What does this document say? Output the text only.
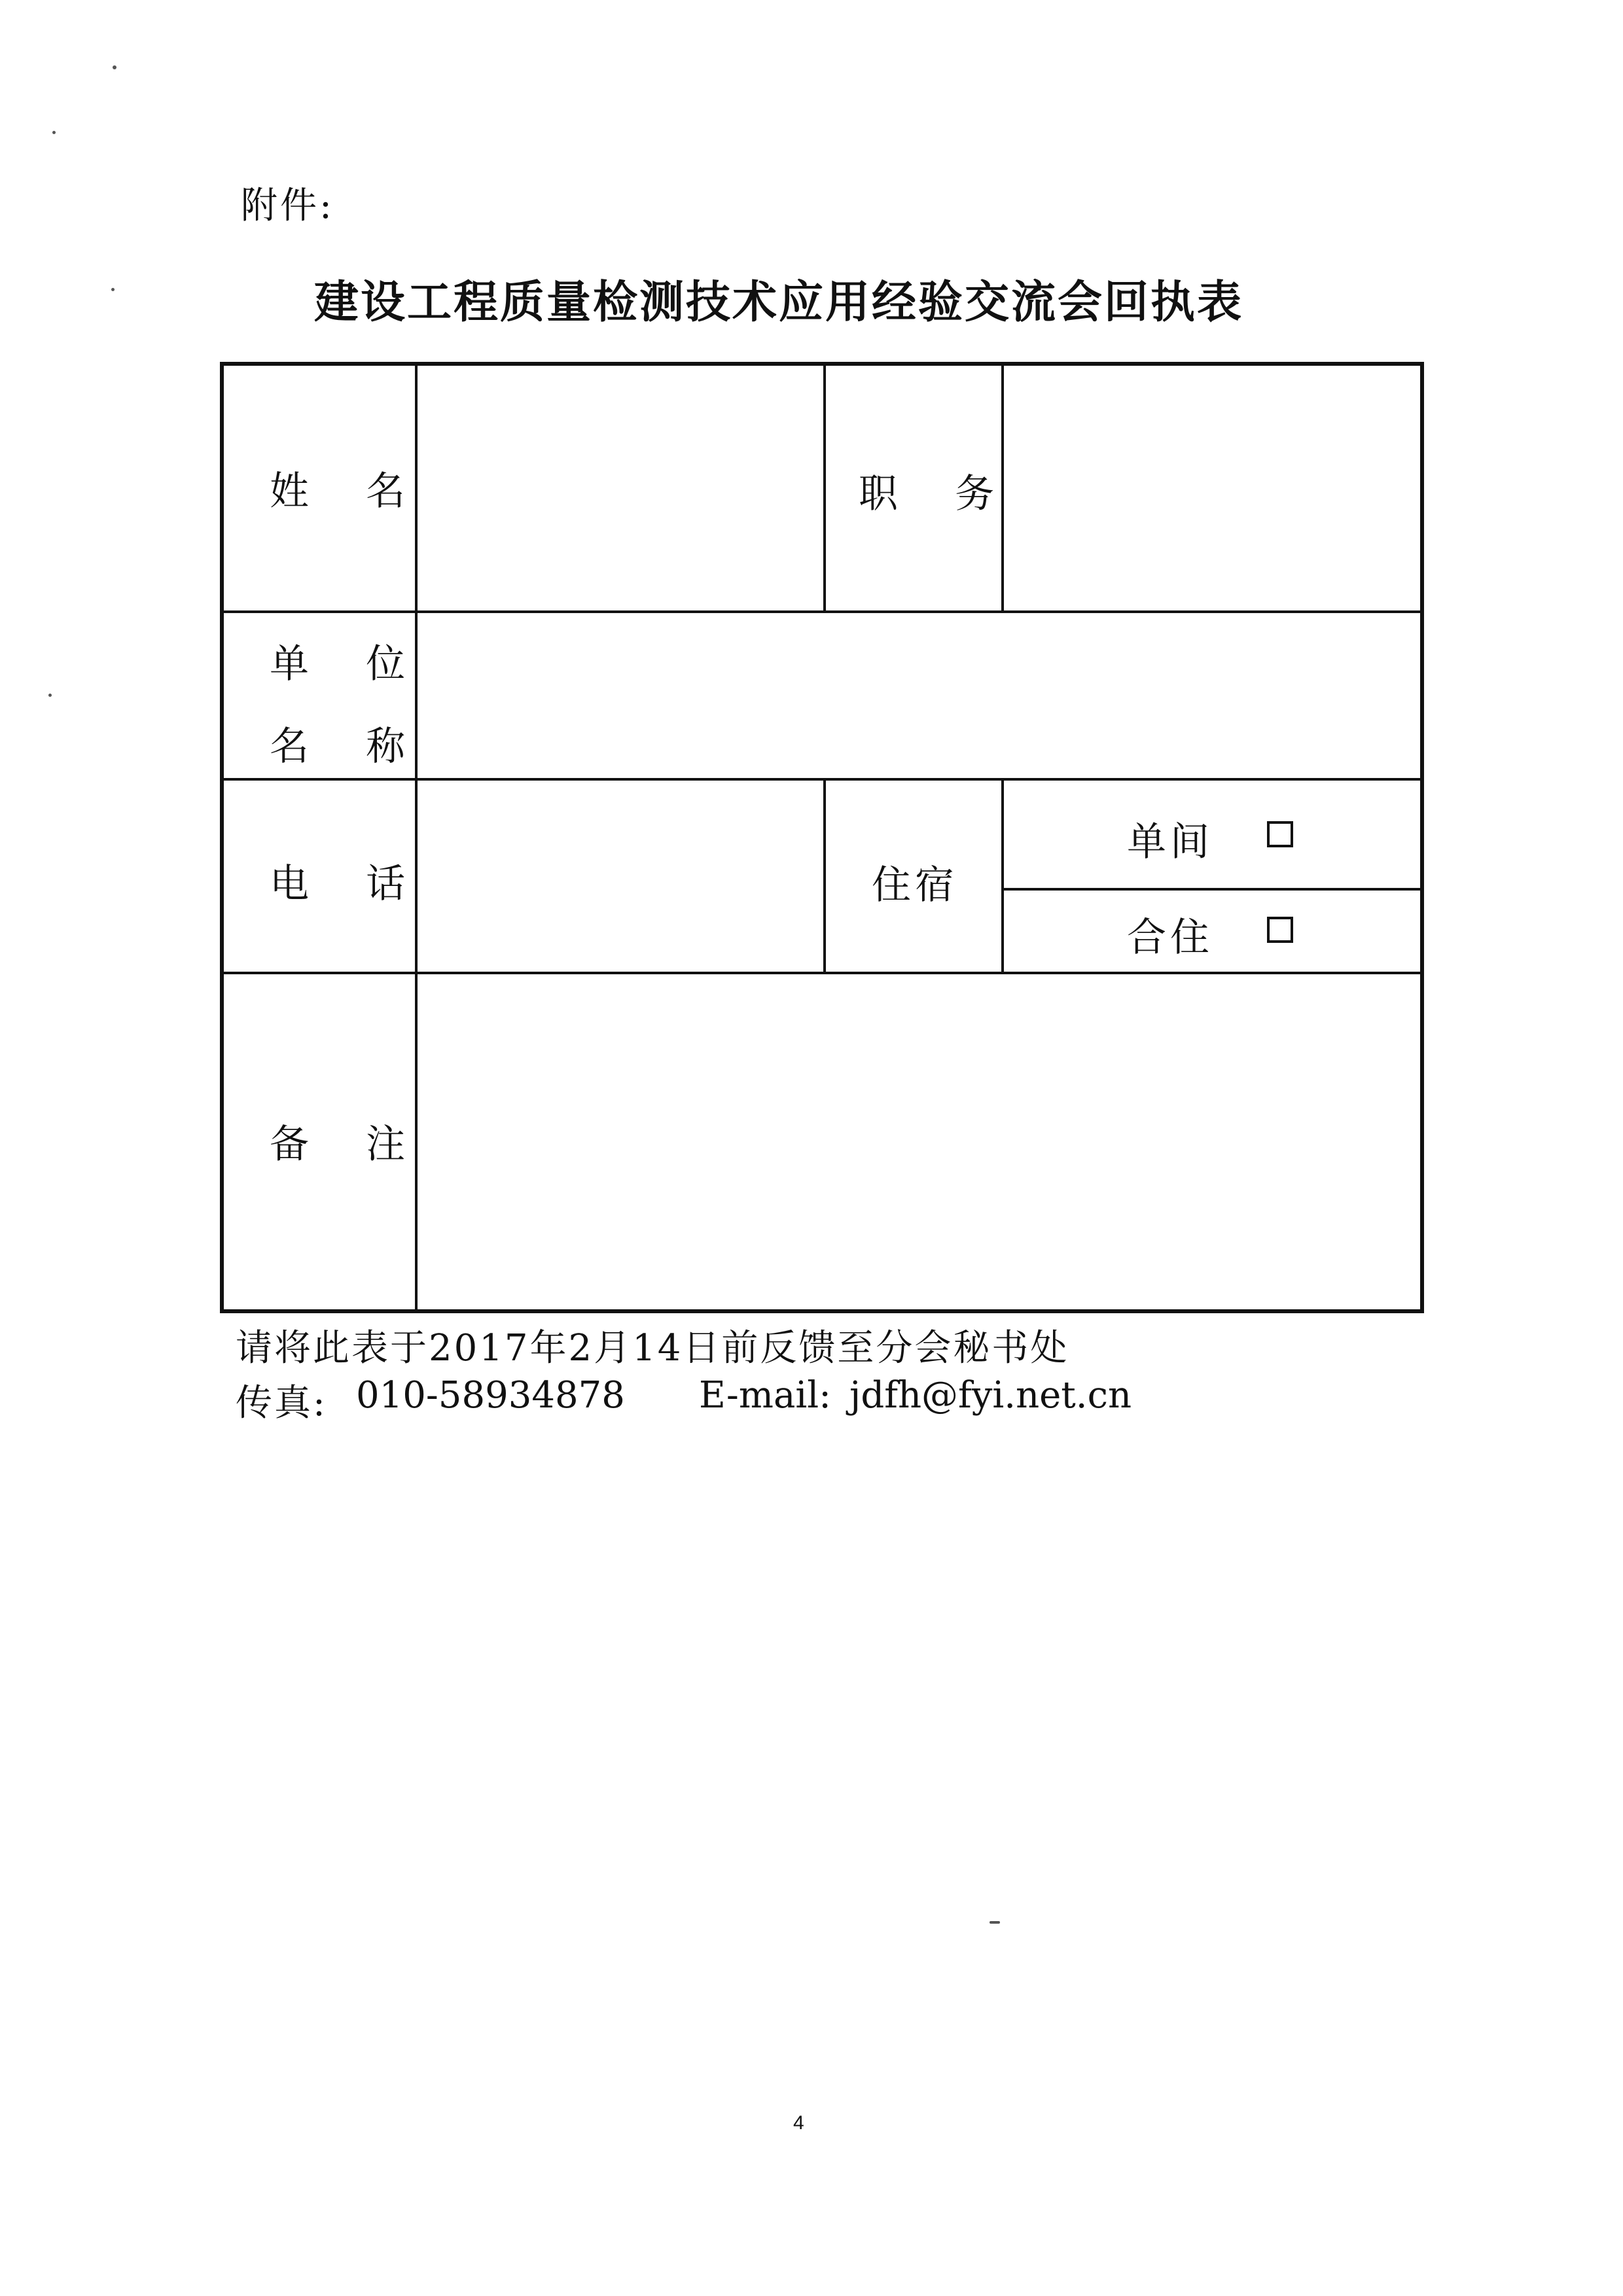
附件:
建设工程质量检测技术应用经验交流会回执表
姓 名	职 务
单 位
名 称
电 话	住宿
单间
合住
备 注
请将此表于2017年2月14日前反馈至分会秘书处
传真: 010-58934878 E-mail: jdfh@fyi.net.cn
4
